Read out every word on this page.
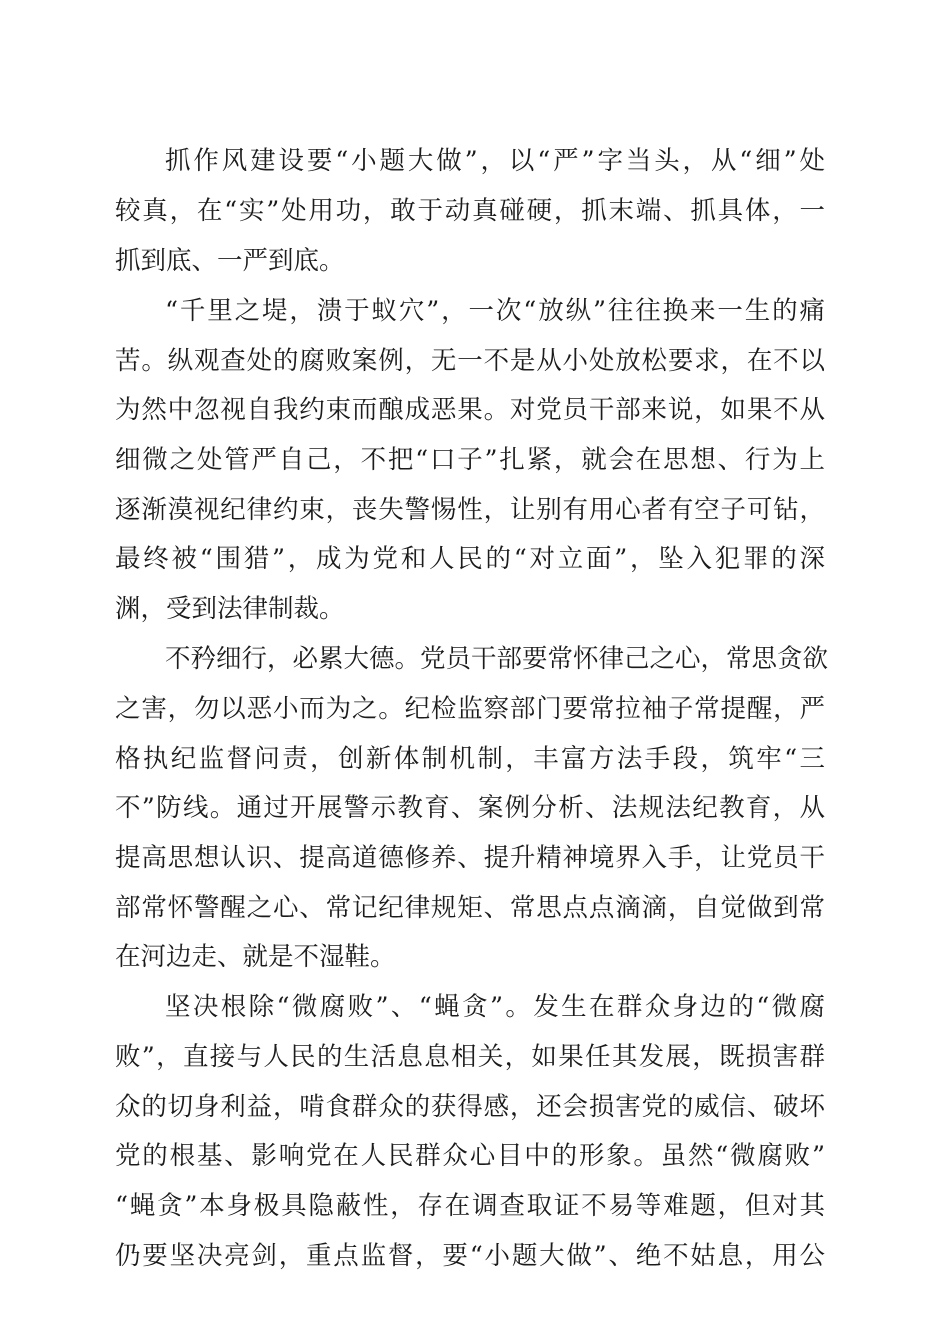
抓作风建设要“小题大做”，以“严”字当头，从“细”处

较真，在“实”处用功，敢于动真碰硬，抓末端、抓具体，一

抓到底、一严到底。

“千里之堤，溃于蚁穴”，一次“放纵”往往换来一生的痛

苦。纵观查处的腐败案例，无一不是从小处放松要求，在不以

为然中忽视自我约束而酿成恶果。对党员干部来说，如果不从

细微之处管严自己，不把“口子”扎紧，就会在思想、行为上

逐渐漠视纪律约束，丧失警惕性，让别有用心者有空子可钻，

最终被“围猎”，成为党和人民的“对立面”，坠入犯罪的深

渊，受到法律制裁。

不矜细行，必累大德。党员干部要常怀律己之心，常思贪欲

之害，勿以恶小而为之。纪检监察部门要常拉袖子常提醒，严

格执纪监督问责，创新体制机制，丰富方法手段，筑牢“三

不”防线。通过开展警示教育、案例分析、法规法纪教育，从

提高思想认识、提高道德修养、提升精神境界入手，让党员干

部常怀警醒之心、常记纪律规矩、常思点点滴滴，自觉做到常

在河边走、就是不湿鞋。

坚决根除“微腐败”、“蝇贪”。发生在群众身边的“微腐

败”，直接与人民的生活息息相关，如果任其发展，既损害群

众的切身利益，啃食群众的获得感，还会损害党的威信、破坏

党的根基、影响党在人民群众心目中的形象。虽然“微腐败”

“蝇贪”本身极具隐蔽性，存在调查取证不易等难题，但对其

仍要坚决亮剑，重点监督，要“小题大做”、绝不姑息，用公
